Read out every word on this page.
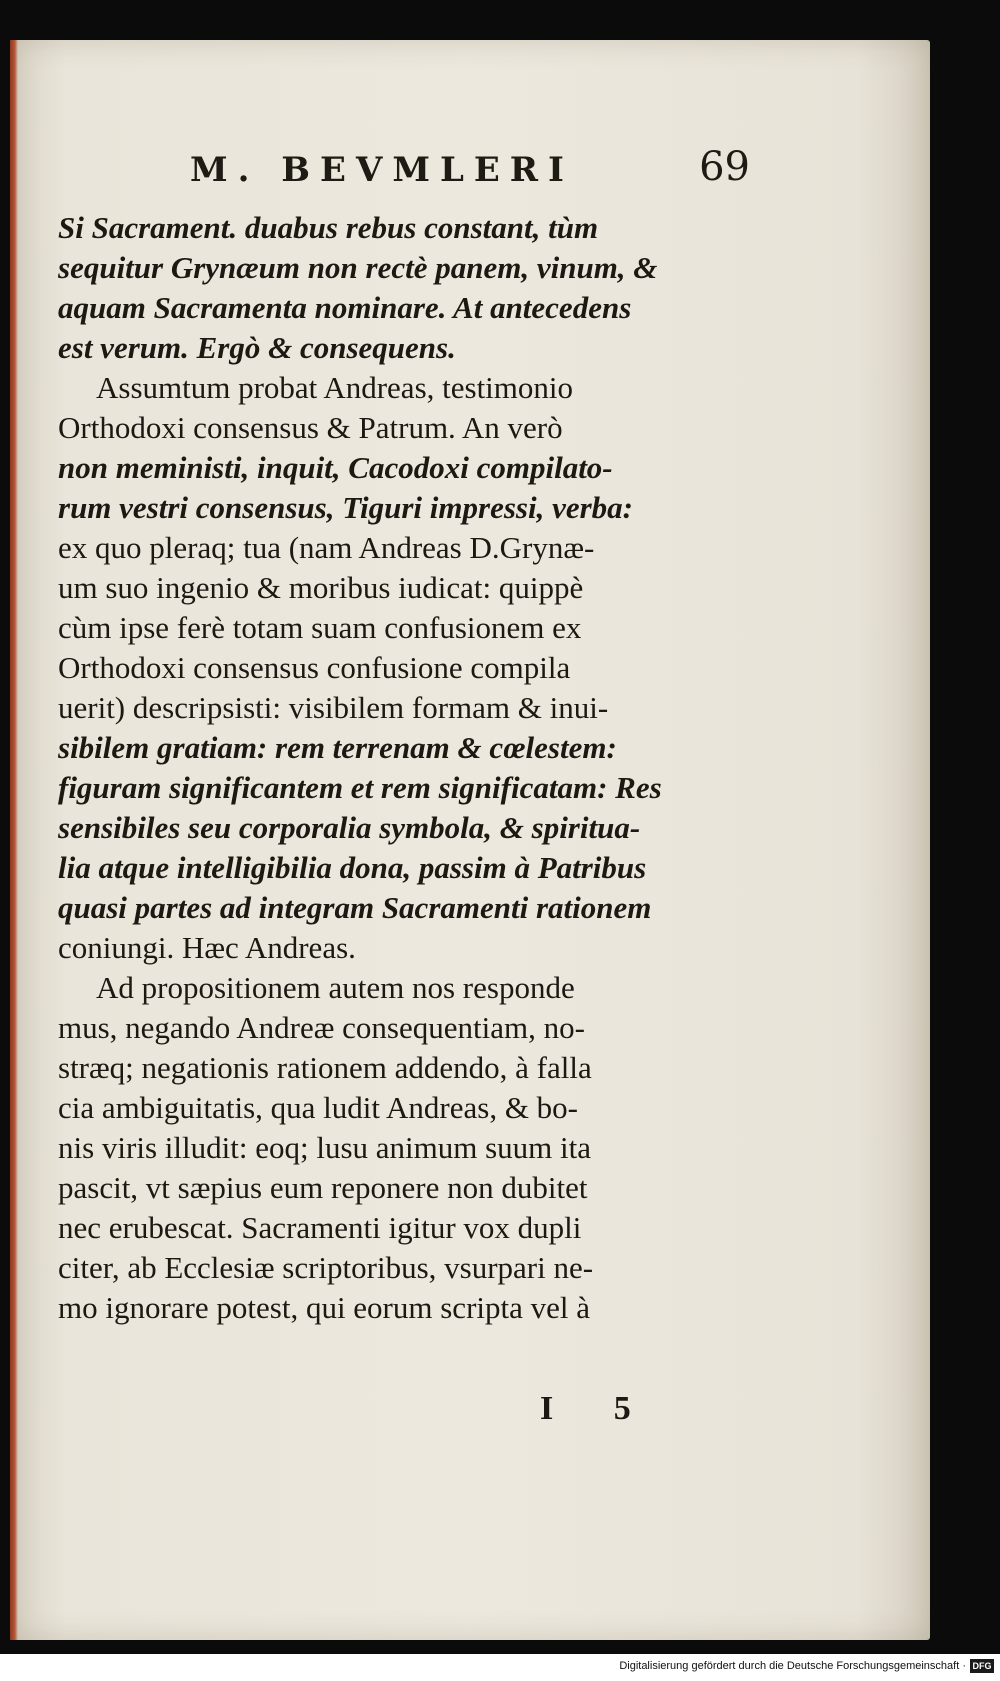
M. BEVMLERI	69
Si Sacrament. duabus rebus constant, tùm
sequitur Grynæum non rectè panem, vinum, &
aquam Sacramenta nominare. At antecedens
est verum. Ergò & consequens.
Assumtum probat Andreas, testimonio
Orthodoxi consensus & Patrum. An verò
non meministi, inquit, Cacodoxi compilato-
rum vestri consensus, Tiguri impressi, verba:
ex quo pleraq; tua (nam Andreas D.Grynæ-
um suo ingenio & moribus iudicat: quippè
cùm ipse ferè totam suam confusionem ex
Orthodoxi consensus confusione compila
uerit) descripsisti: visibilem formam & inui-
sibilem gratiam: rem terrenam & cœlestem:
figuram significantem et rem significatam: Res
sensibiles seu corporalia symbola, & spiritua-
lia atque intelligibilia dona, passim à Patribus
quasi partes ad integram Sacramenti rationem
coniungi. Hæc Andreas.
Ad propositionem autem nos responde
mus, negando Andreæ consequentiam, no-
stræq; negationis rationem addendo, à falla
cia ambiguitatis, qua ludit Andreas, & bo-
nis viris illudit: eoq; lusu animum suum ita
pascit, vt sæpius eum reponere non dubitet
nec erubescat. Sacramenti igitur vox dupli
citer, ab Ecclesiæ scriptoribus, vsurpari ne-
mo ignorare potest, qui eorum scripta vel à
I 5
Digitalisierung gefördert durch die Deutsche Forschungsgemeinschaft · DFG
